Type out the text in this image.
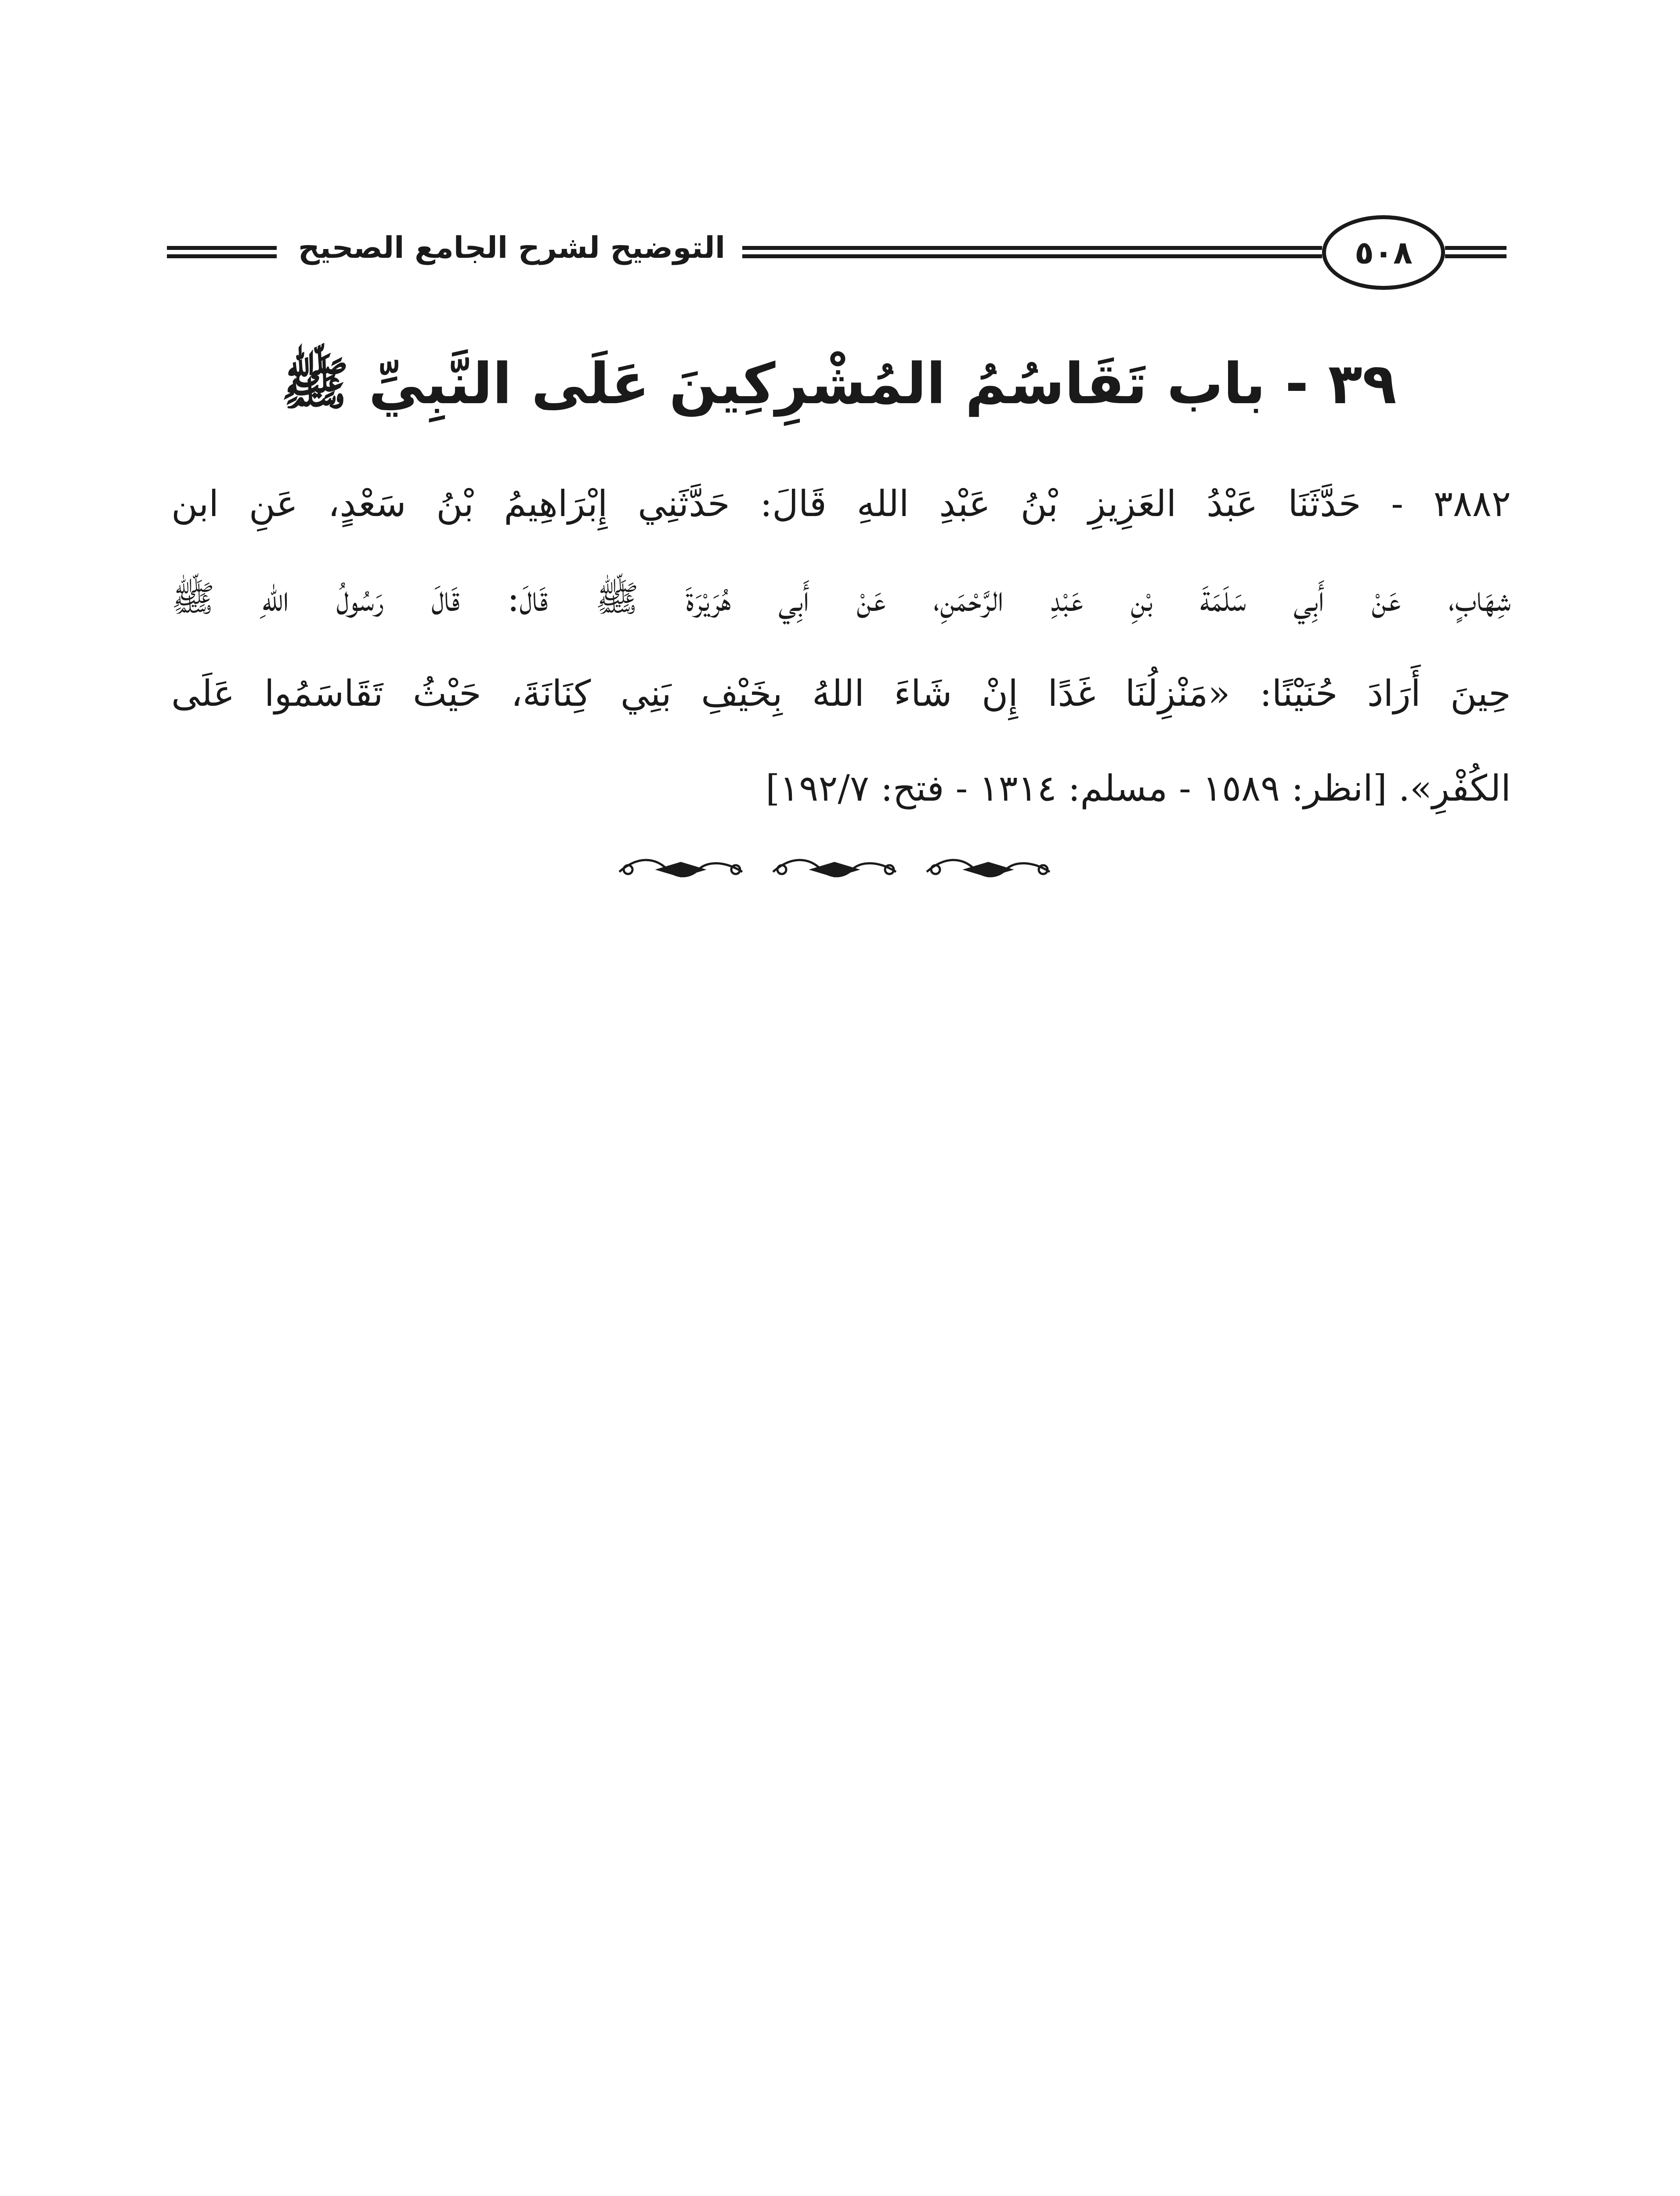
التوضيح لشرح الجامع الصحيح	٥٠٨
٣٩ - باب تَقَاسُمُ المُشْرِكِينَ عَلَى النَّبِيِّ ﷺ
٣٨٨٢ - حَدَّثَنَا عَبْدُ العَزِيزِ بْنُ عَبْدِ اللهِ قَالَ: حَدَّثَنِي إِبْرَاهِيمُ بْنُ سَعْدٍ، عَنِ ابن
شِهَابٍ، عَنْ أَبِي سَلَمَةَ بْنِ عَبْدِ الرَّحْمَنِ، عَنْ أَبِي هُرَيْرَةَ ﷺ قَالَ: قَالَ رَسُولُ اللهِ ﷺ
حِينَ أَرَادَ حُنَيْنًا: «مَنْزِلُنَا غَدًا إِنْ شَاءَ اللهُ بِخَيْفِ بَنِي كِنَانَةَ، حَيْثُ تَقَاسَمُوا عَلَى
الكُفْرِ». [انظر: ١٥٨٩ - مسلم: ١٣١٤ - فتح: ١٩٢/٧]
